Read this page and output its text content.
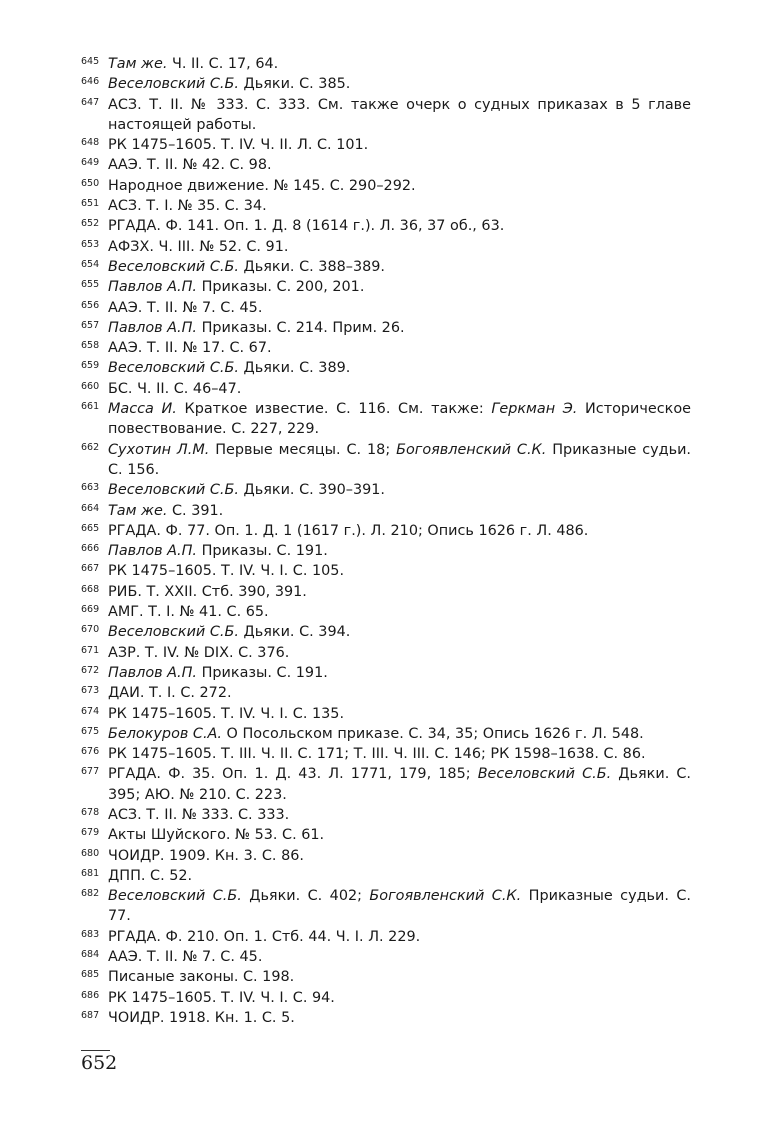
645 Там же. Ч. II. С. 17, 64.
646 Веселовский С.Б. Дьяки. С. 385.
647 АСЗ. Т. II. № 333. С. 333. См. также очерк о судных приказах в 5 главе настоящей работы.
648 РК 1475–1605. Т. IV. Ч. II. Л. С. 101.
649 ААЭ. Т. II. № 42. С. 98.
650 Народное движение. № 145. С. 290–292.
651 АСЗ. Т. I. № 35. С. 34.
652 РГАДА. Ф. 141. Оп. 1. Д. 8 (1614 г.). Л. 36, 37 об., 63.
653 АФЗХ. Ч. III. № 52. С. 91.
654 Веселовский С.Б. Дьяки. С. 388–389.
655 Павлов А.П. Приказы. С. 200, 201.
656 ААЭ. Т. II. № 7. С. 45.
657 Павлов А.П. Приказы. С. 214. Прим. 26.
658 ААЭ. Т. II. № 17. С. 67.
659 Веселовский С.Б. Дьяки. С. 389.
660 БС. Ч. II. С. 46–47.
661 Масса И. Краткое известие. С. 116. См. также: Геркман Э. Историческое повествование. С. 227, 229.
662 Сухотин Л.М. Первые месяцы. С. 18; Богоявленский С.К. Приказные судьи. С. 156.
663 Веселовский С.Б. Дьяки. С. 390–391.
664 Там же. С. 391.
665 РГАДА. Ф. 77. Оп. 1. Д. 1 (1617 г.). Л. 210; Опись 1626 г. Л. 486.
666 Павлов А.П. Приказы. С. 191.
667 РК 1475–1605. Т. IV. Ч. I. С. 105.
668 РИБ. Т. XXII. Стб. 390, 391.
669 АМГ. Т. I. № 41. С. 65.
670 Веселовский С.Б. Дьяки. С. 394.
671 АЗР. Т. IV. № DIX. С. 376.
672 Павлов А.П. Приказы. С. 191.
673 ДАИ. Т. I. С. 272.
674 РК 1475–1605. Т. IV. Ч. I. С. 135.
675 Белокуров С.А. О Посольском приказе. С. 34, 35; Опись 1626 г. Л. 548.
676 РК 1475–1605. Т. III. Ч. II. С. 171; Т. III. Ч. III. С. 146; РК 1598–1638. С. 86.
677 РГАДА. Ф. 35. Оп. 1. Д. 43. Л. 1771, 179, 185; Веселовский С.Б. Дьяки. С. 395; АЮ. № 210. С. 223.
678 АСЗ. Т. II. № 333. С. 333.
679 Акты Шуйского. № 53. С. 61.
680 ЧОИДР. 1909. Кн. 3. С. 86.
681 ДПП. С. 52.
682 Веселовский С.Б. Дьяки. С. 402; Богоявленский С.К. Приказные судьи. С. 77.
683 РГАДА. Ф. 210. Оп. 1. Стб. 44. Ч. I. Л. 229.
684 ААЭ. Т. II. № 7. С. 45.
685 Писаные законы. С. 198.
686 РК 1475–1605. Т. IV. Ч. I. С. 94.
687 ЧОИДР. 1918. Кн. 1. С. 5.
652
